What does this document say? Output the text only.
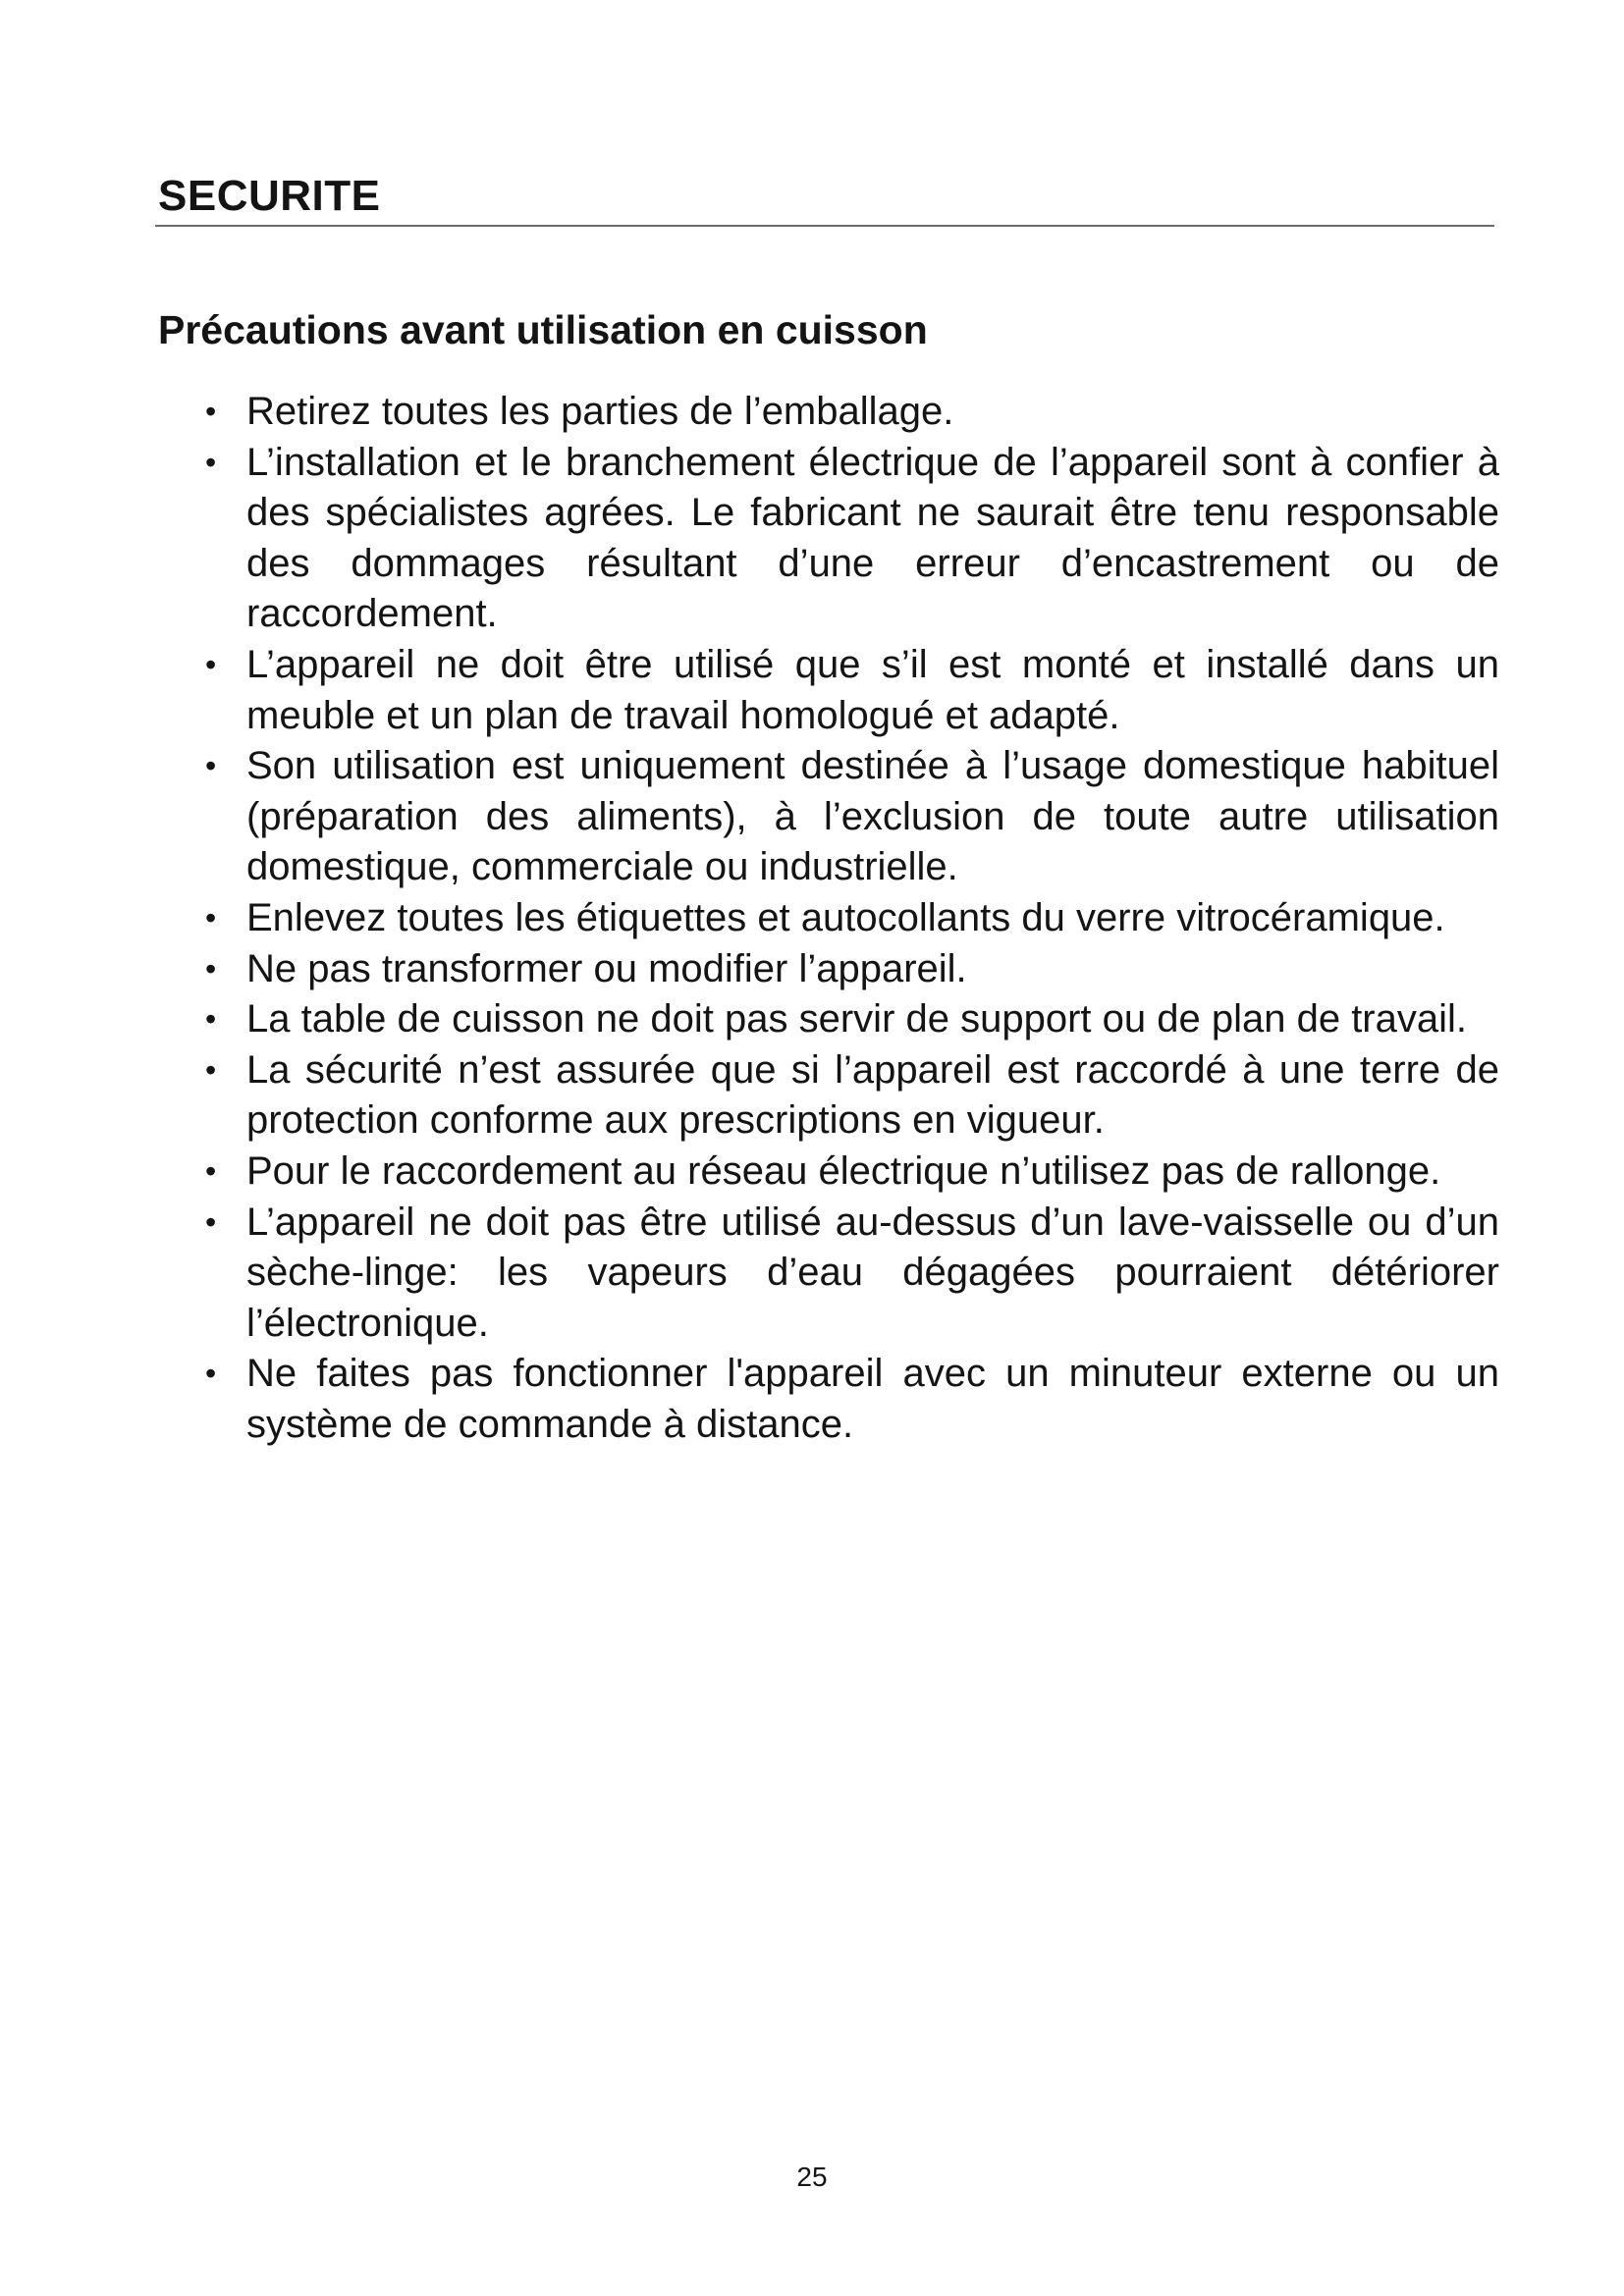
SECURITE
Précautions avant utilisation en cuisson
• Retirez toutes les parties de l’emballage.
• L’installation et le branchement électrique de l’appareil sont à confier à des spécialistes agrées. Le fabricant ne saurait être tenu responsable des dommages résultant d’une erreur d’encastrement ou de raccordement.
• L’appareil ne doit être utilisé que s’il est monté et installé dans un meuble et un plan de travail homologué et adapté.
• Son utilisation est uniquement destinée à l’usage domestique habituel (préparation des aliments), à l’exclusion de toute autre utilisation domestique, commerciale ou industrielle.
• Enlevez toutes les étiquettes et autocollants du verre vitrocéramique.
• Ne pas transformer ou modifier l’appareil.
• La table de cuisson ne doit pas servir de support ou de plan de travail.
• La sécurité n’est assurée que si l’appareil est raccordé à une terre de protection conforme aux prescriptions en vigueur.
• Pour le raccordement au réseau électrique n’utilisez pas de rallonge.
• L’appareil ne doit pas être utilisé au-dessus d’un lave-vaisselle ou d’un sèche-linge: les vapeurs d’eau dégagées pourraient détériorer l’électronique.
• Ne faites pas fonctionner l'appareil avec un minuteur externe ou un système de commande à distance.
25
